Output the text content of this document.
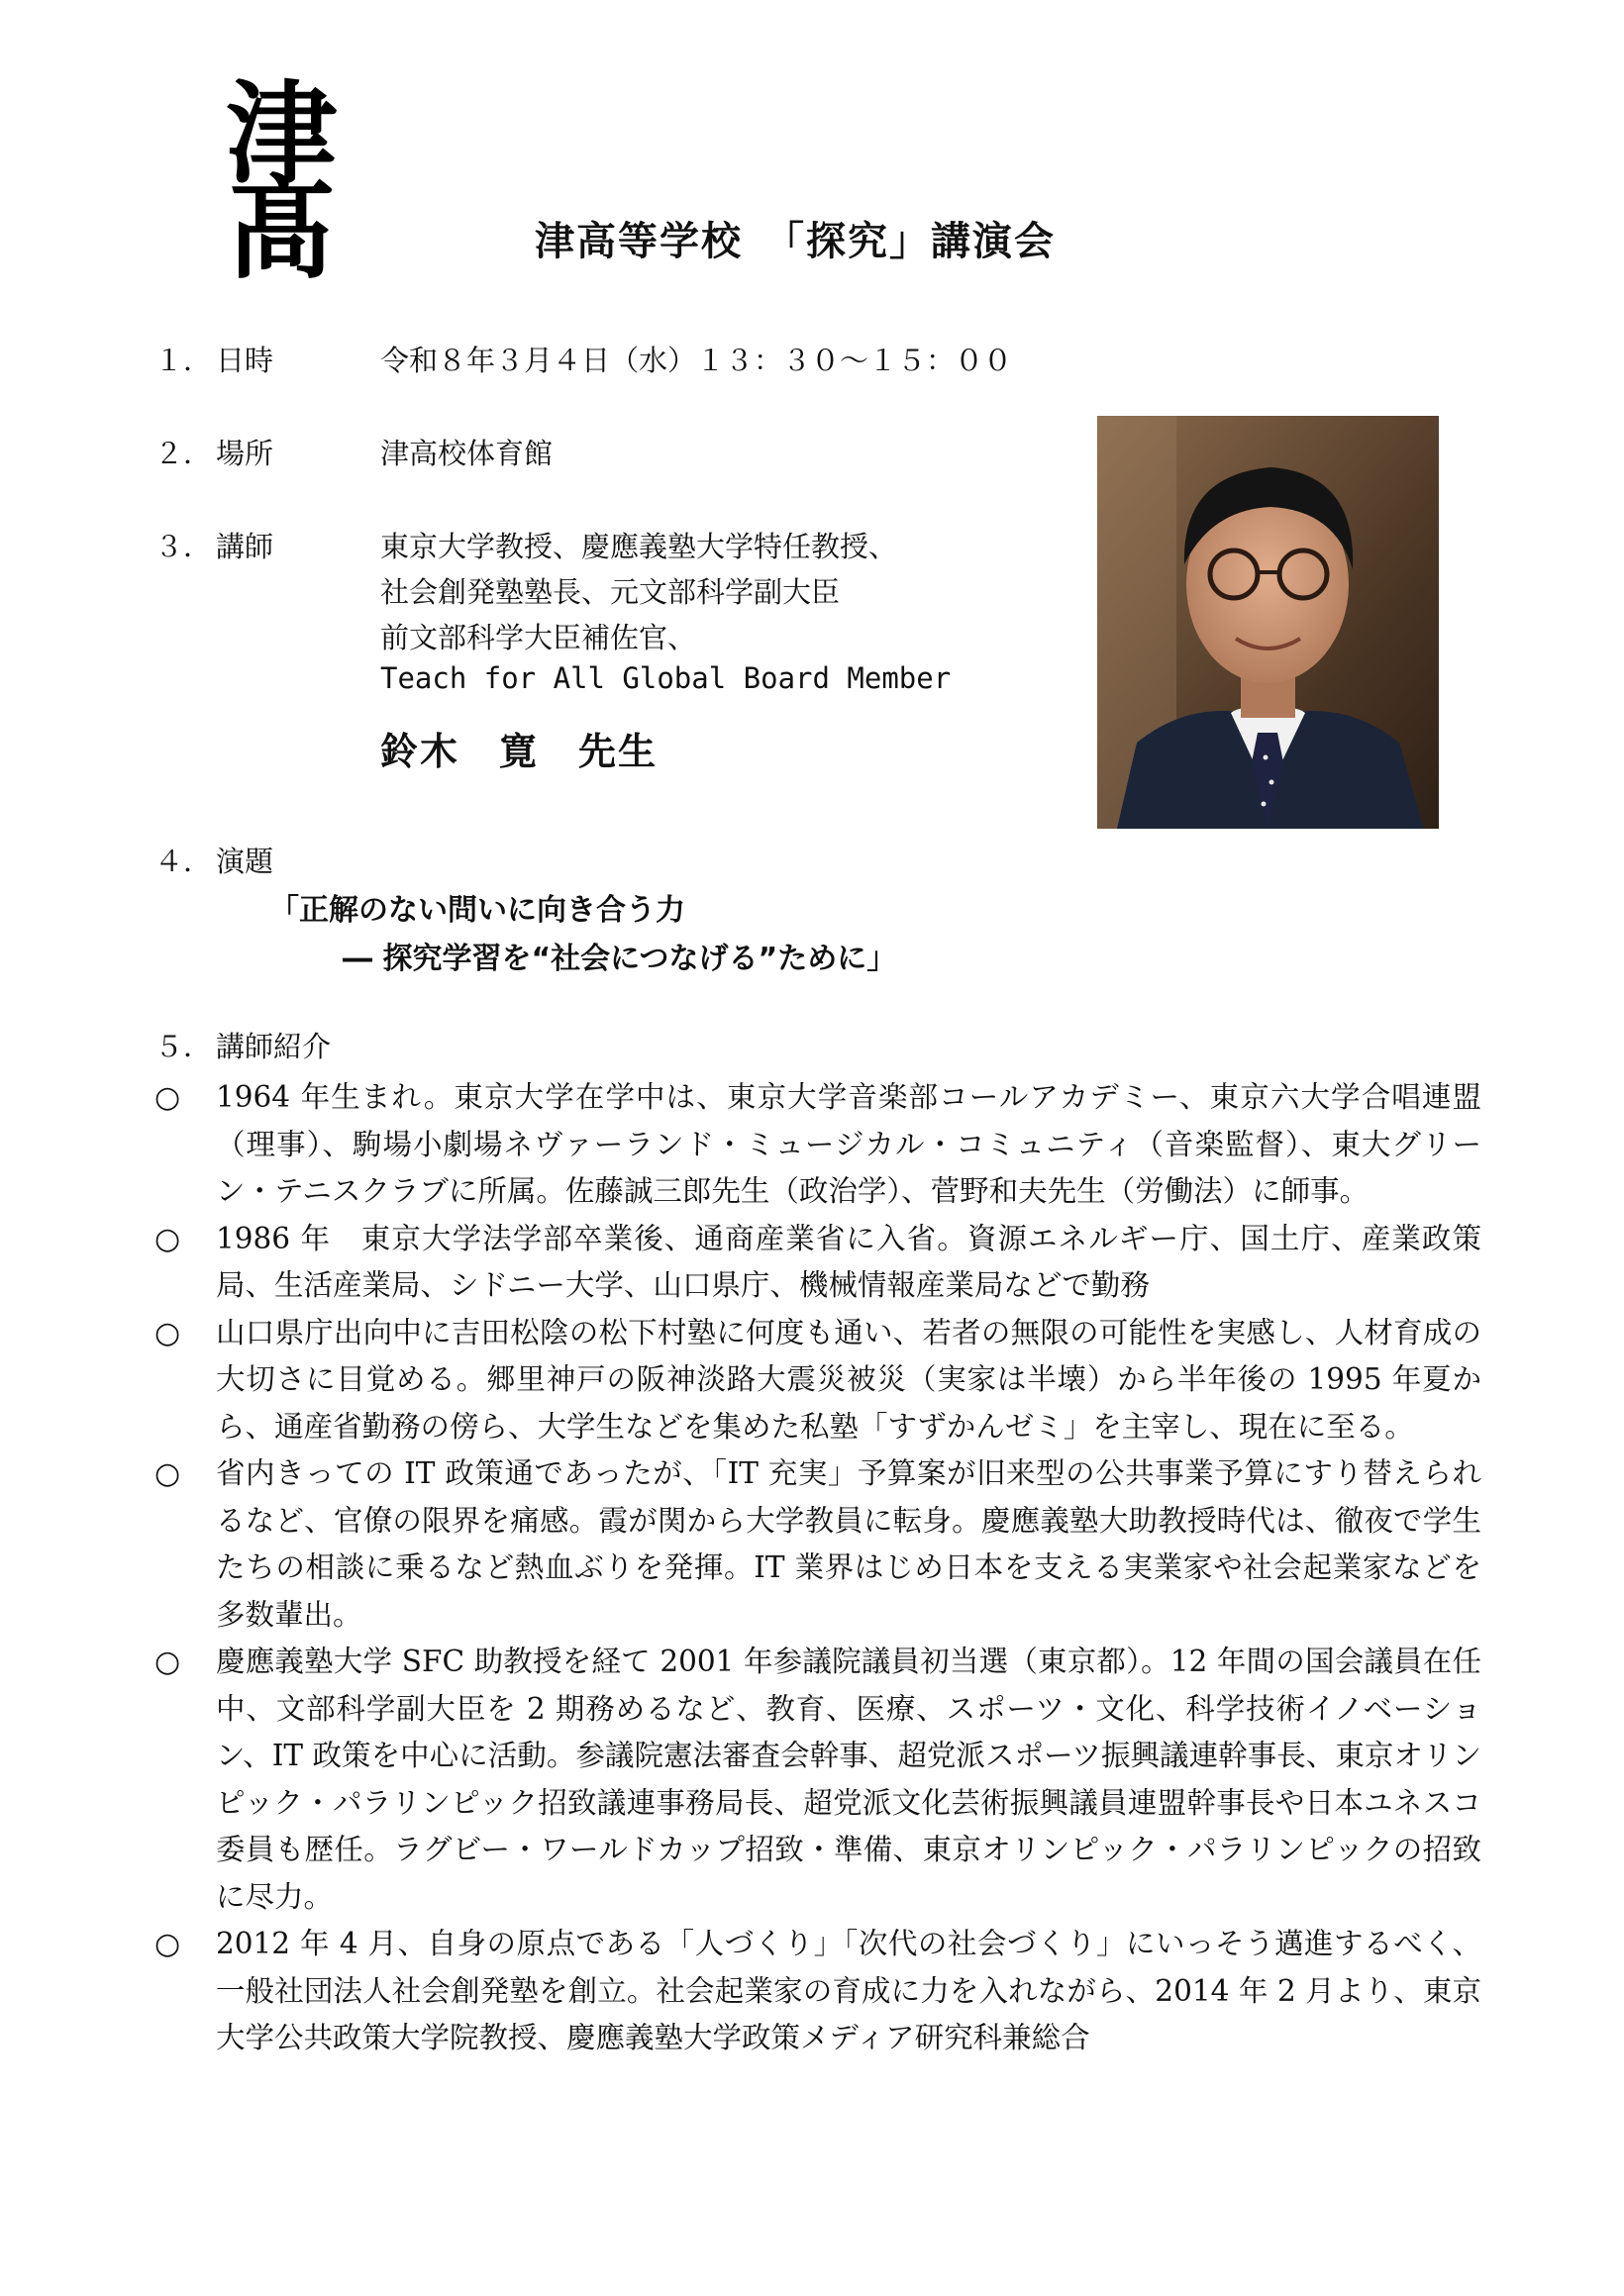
津
髙	津高等学校　「探究」講演会
１． 日時	令和８年３月４日（水）１３：３０～１５：００
２． 場所	津高校体育館
３． 講師	東京大学教授、慶應義塾大学特任教授、
社会創発塾塾長、元文部科学副大臣
前文部科学大臣補佐官、
Teach for All Global Board Member
鈴木　寛　先生
４． 演題
「正解のない問いに向き合う力
― 探究学習を“社会につなげる”ために」
５． 講師紹介
○ 1964 年生まれ。東京大学在学中は、東京大学音楽部コールアカデミー、東京六大学合唱連盟（理事）、駒場小劇場ネヴァーランド・ミュージカル・コミュニティ（音楽監督）、東大グリーン・テニスクラブに所属。佐藤誠三郎先生（政治学）、菅野和夫先生（労働法）に師事。
○ 1986 年　東京大学法学部卒業後、通商産業省に入省。資源エネルギー庁、国土庁、産業政策局、生活産業局、シドニー大学、山口県庁、機械情報産業局などで勤務
○ 山口県庁出向中に吉田松陰の松下村塾に何度も通い、若者の無限の可能性を実感し、人材育成の大切さに目覚める。郷里神戸の阪神淡路大震災被災（実家は半壊）から半年後の 1995 年夏から、通産省勤務の傍ら、大学生などを集めた私塾「すずかんゼミ」を主宰し、現在に至る。
○ 省内きっての IT 政策通であったが、「IT 充実」予算案が旧来型の公共事業予算にすり替えられるなど、官僚の限界を痛感。霞が関から大学教員に転身。慶應義塾大助教授時代は、徹夜で学生たちの相談に乗るなど熱血ぶりを発揮。IT 業界はじめ日本を支える実業家や社会起業家などを多数輩出。
○ 慶應義塾大学 SFC 助教授を経て 2001 年参議院議員初当選（東京都）。12 年間の国会議員在任中、文部科学副大臣を 2 期務めるなど、教育、医療、スポーツ・文化、科学技術イノベーション、IT 政策を中心に活動。参議院憲法審査会幹事、超党派スポーツ振興議連幹事長、東京オリンピック・パラリンピック招致議連事務局長、超党派文化芸術振興議員連盟幹事長や日本ユネスコ委員も歴任。ラグビー・ワールドカップ招致・準備、東京オリンピック・パラリンピックの招致に尽力。
○ 2012 年 4 月、自身の原点である「人づくり」「次代の社会づくり」にいっそう邁進するべく、一般社団法人社会創発塾を創立。社会起業家の育成に力を入れながら、2014 年 2 月より、東京大学公共政策大学院教授、慶應義塾大学政策メディア研究科兼総合
